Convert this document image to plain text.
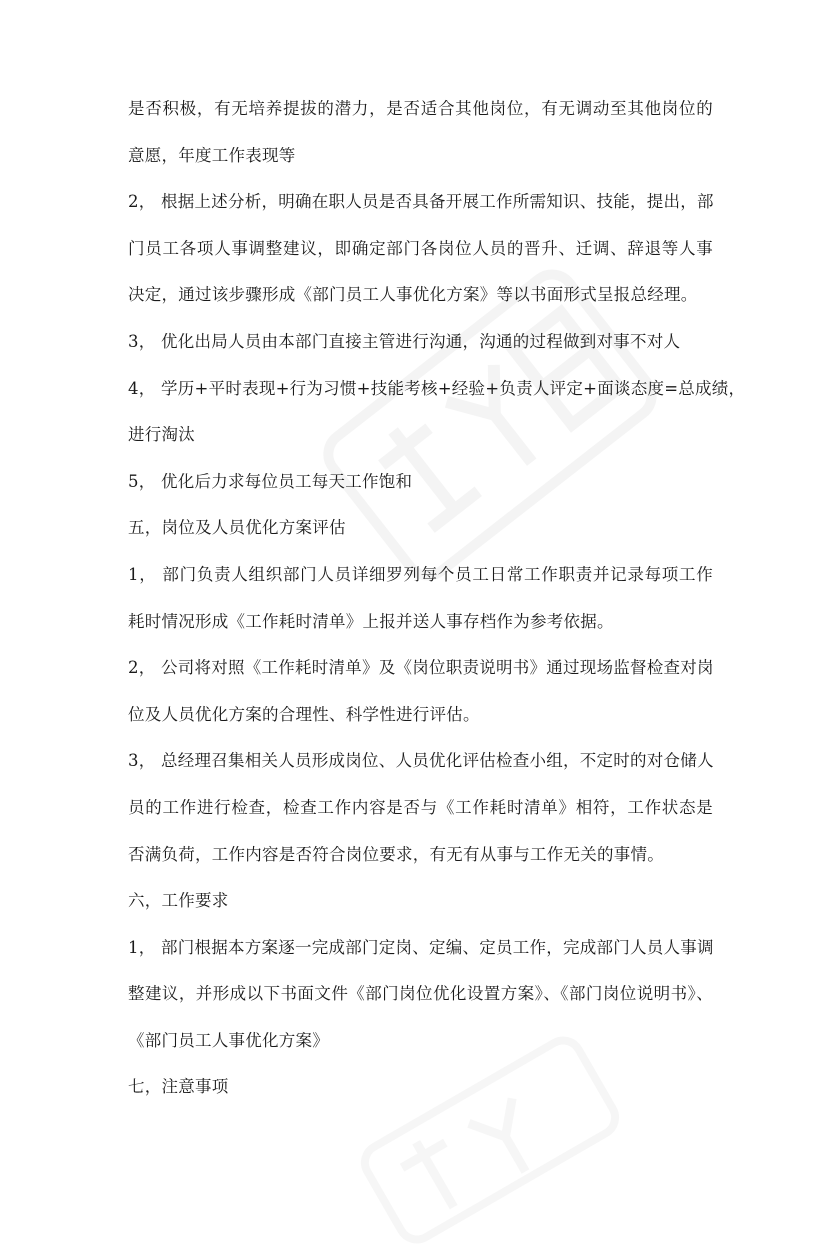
是否积极，有无培养提拔的潜力，是否适合其他岗位，有无调动至其他岗位的
意愿，年度工作表现等
2， 根据上述分析，明确在职人员是否具备开展工作所需知识、技能，提出，部
门员工各项人事调整建议，即确定部门各岗位人员的晋升、迁调、辞退等人事
决定，通过该步骤形成《部门员工人事优化方案》等以书面形式呈报总经理。
3， 优化出局人员由本部门直接主管进行沟通，沟通的过程做到对事不对人
4， 学历+平时表现+行为习惯+技能考核+经验+负责人评定+面谈态度=总成绩，
进行淘汰
5， 优化后力求每位员工每天工作饱和
五，岗位及人员优化方案评估
1， 部门负责人组织部门人员详细罗列每个员工日常工作职责并记录每项工作
耗时情况形成《工作耗时清单》上报并送人事存档作为参考依据。
2， 公司将对照《工作耗时清单》及《岗位职责说明书》通过现场监督检查对岗
位及人员优化方案的合理性、科学性进行评估。
3， 总经理召集相关人员形成岗位、人员优化评估检查小组，不定时的对仓储人
员的工作进行检查，检查工作内容是否与《工作耗时清单》相符，工作状态是
否满负荷，工作内容是否符合岗位要求，有无有从事与工作无关的事情。
六，工作要求
1， 部门根据本方案逐一完成部门定岗、定编、定员工作，完成部门人员人事调
整建议，并形成以下书面文件《部门岗位优化设置方案》、《部门岗位说明书》、
《部门员工人事优化方案》
七，注意事项
